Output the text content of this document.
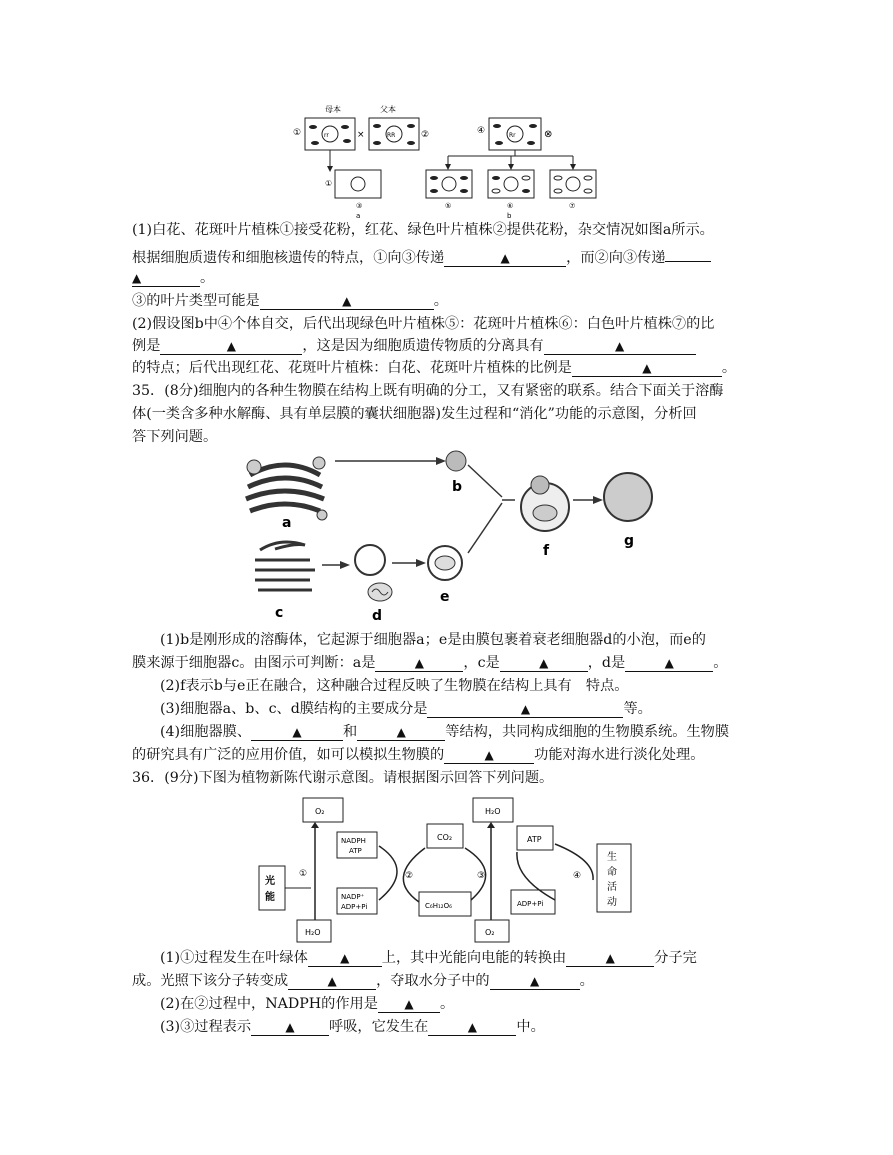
母本	父本
①	rr	×	RR	②
①
③
a
④	Rr	⊗
⑤	⑥
b
⑦
(1)白花、花斑叶片植株①接受花粉，红花、绿色叶片植株②提供花粉，杂交情况如图a所示。
根据细胞质遗传和细胞核遗传的特点，①向③传递	▲	，而②向③传递
▲	。
③的叶片类型可能是	▲	。
(2)假设图b中④个体自交，后代出现绿色叶片植株⑤：花斑叶片植株⑥：白色叶片植株⑦的比
例是	▲	，这是因为细胞质遗传物质的分离具有	▲
的特点；后代出现红花、花斑叶片植株：白花、花斑叶片植株的比例是	▲	。
35．(8分)细胞内的各种生物膜在结构上既有明确的分工，又有紧密的联系。结合下面关于溶酶
体(一类含多种水解酶、具有单层膜的囊状细胞器)发生过程和“消化”功能的示意图，分析回
答下列问题。
a
b
c	d
e
f
g
(1)b是刚形成的溶酶体，它起源于细胞器a；e是由膜包裹着衰老细胞器d的小泡，而e的
膜来源于细胞器c。由图示可判断：a是	▲	，c是	▲	，d是	▲	。
(2)f表示b与e正在融合，这种融合过程反映了生物膜在结构上具有　特点。
(3)细胞器a、b、c、d膜结构的主要成分是	▲	等。
(4)细胞器膜、	▲	和	▲	等结构，共同构成细胞的生物膜系统。生物膜
的研究具有广泛的应用价值，如可以模拟生物膜的	▲	功能对海水进行淡化处理。
36．(9分)下图为植物新陈代谢示意图。请根据图示回答下列问题。
O₂
NADPH
ATP
CO₂
H₂O
ATP
光
能	NADP⁺
ADP+Pi	C₆H₁₂O₆	ADP+Pi
生
命
活
动
H₂O	O₂
①	②	③	④
(1)①过程发生在叶绿体	▲ 上，其中光能向电能的转换由	▲	分子完
成。光照下该分子转变成	▲	，夺取水分子中的	▲	。
(2)在②过程中，NADPH的作用是 ▲ 。
(3)③过程表示	▲ 呼吸，它发生在	▲	中。
